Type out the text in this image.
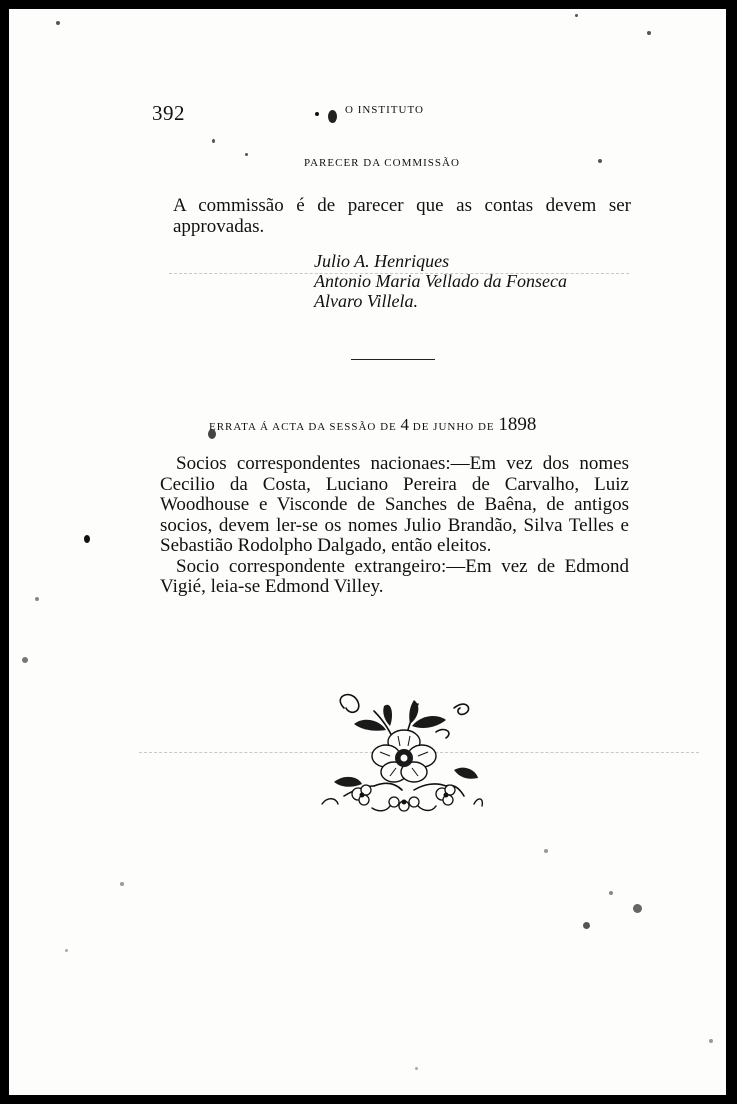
392	O INSTITUTO
PARECER DA COMMISSÃO

A commissão é de parecer que as contas devem ser approvadas.

Julio A. Henriques
Antonio Maria Vellado da Fonseca
Alvaro Villela.
ERRATA Á ACTA DA SESSÃO DE 4 DE JUNHO DE 1898

Socios correspondentes nacionaes:—Em vez dos nomes Cecilio da Costa, Luciano Pereira de Carvalho, Luiz Woodhouse e Visconde de Sanches de Baêna, de antigos socios, devem ler-se os nomes Julio Brandão, Silva Telles e Sebastião Rodolpho Dalgado, então eleitos.

Socio correspondente extrangeiro:—Em vez de Edmond Vigié, leia-se Edmond Villey.
